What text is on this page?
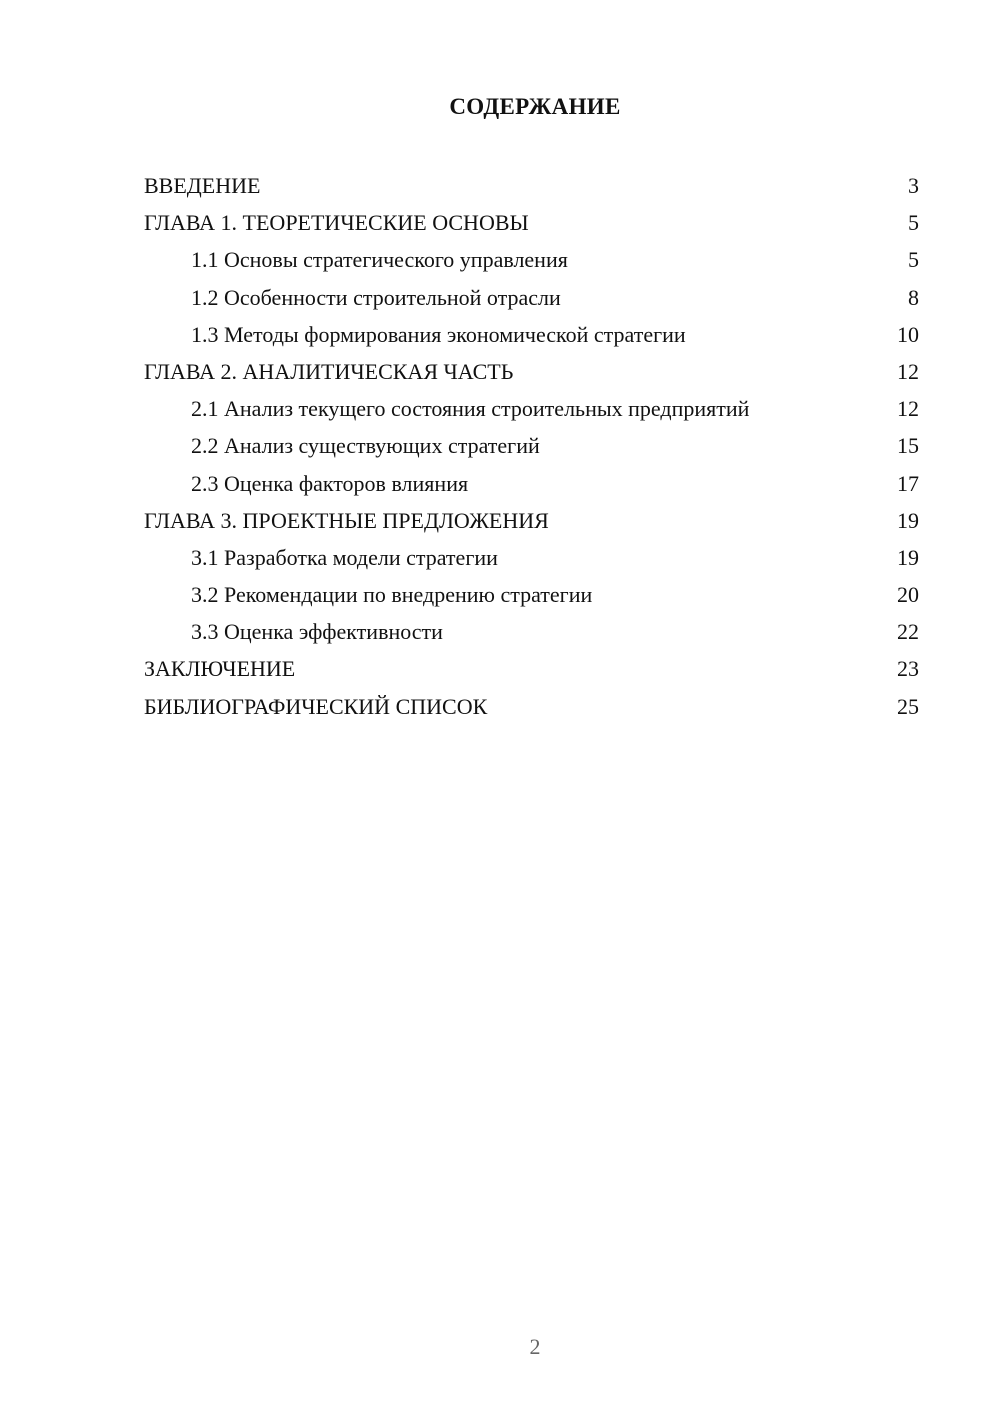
СОДЕРЖАНИЕ
ВВЕДЕНИЕ	3
ГЛАВА 1. ТЕОРЕТИЧЕСКИЕ ОСНОВЫ	5
1.1 Основы стратегического управления	5
1.2 Особенности строительной отрасли	8
1.3 Методы формирования экономической стратегии	10
ГЛАВА 2. АНАЛИТИЧЕСКАЯ ЧАСТЬ	12
2.1 Анализ текущего состояния строительных предприятий	12
2.2 Анализ существующих стратегий	15
2.3 Оценка факторов влияния	17
ГЛАВА 3. ПРОЕКТНЫЕ ПРЕДЛОЖЕНИЯ	19
3.1 Разработка модели стратегии	19
3.2 Рекомендации по внедрению стратегии	20
3.3 Оценка эффективности	22
ЗАКЛЮЧЕНИЕ	23
БИБЛИОГРАФИЧЕСКИЙ СПИСОК	25
2
